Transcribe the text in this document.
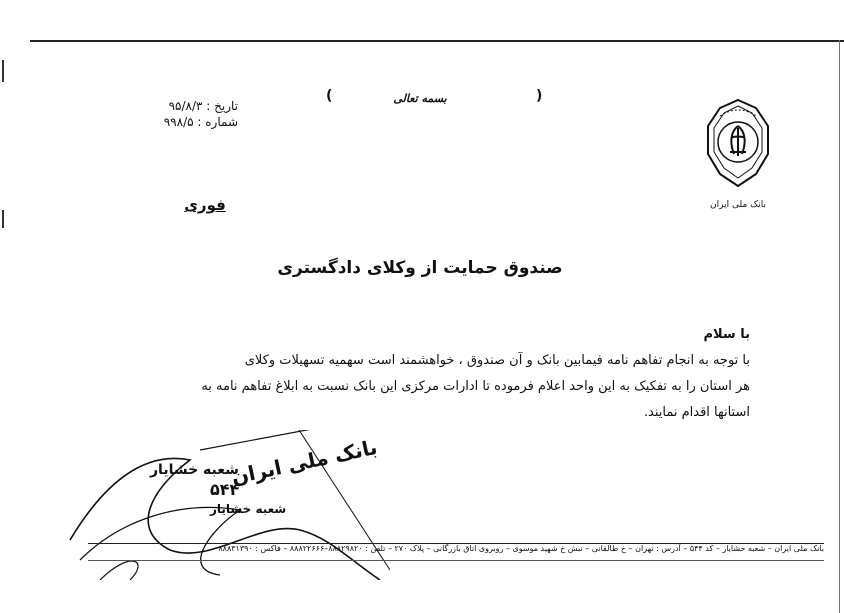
(	)
بسمه تعالی
تاریخ : ۹۵/۸/۳
شماره : ۹۹۸/۵
بانک ملی ایران
فوری
صندوق حمایت از وکلای دادگستری

با سلام

با توجه به انجام تفاهم نامه فیمابین بانک و آن صندوق ، خواهشمند است سهمیه تسهیلات وکلای

هر استان را به تفکیک به این واحد اعلام فرموده تا ادارات مرکزی این بانک نسبت به ابلاغ تفاهم نامه به

استانها اقدام نمایند.

بانک ملی ایران
شعبه خشایار
۵۴۴
شعبه خشایار
بانک ملی ایران – شعبه خشایار – کد ۵۴۴ – آدرس : تهران – خ طالقانی – نبش خ شهید موسوی – روبروی اتاق بازرگانی – پلاک ۲۷۰ – تلفن : ۸۸۸۲۹۸۲۰–۸۸۸۲۲۶۶۶ – فاکس : ۸۸۸۳۱۳۹۰
